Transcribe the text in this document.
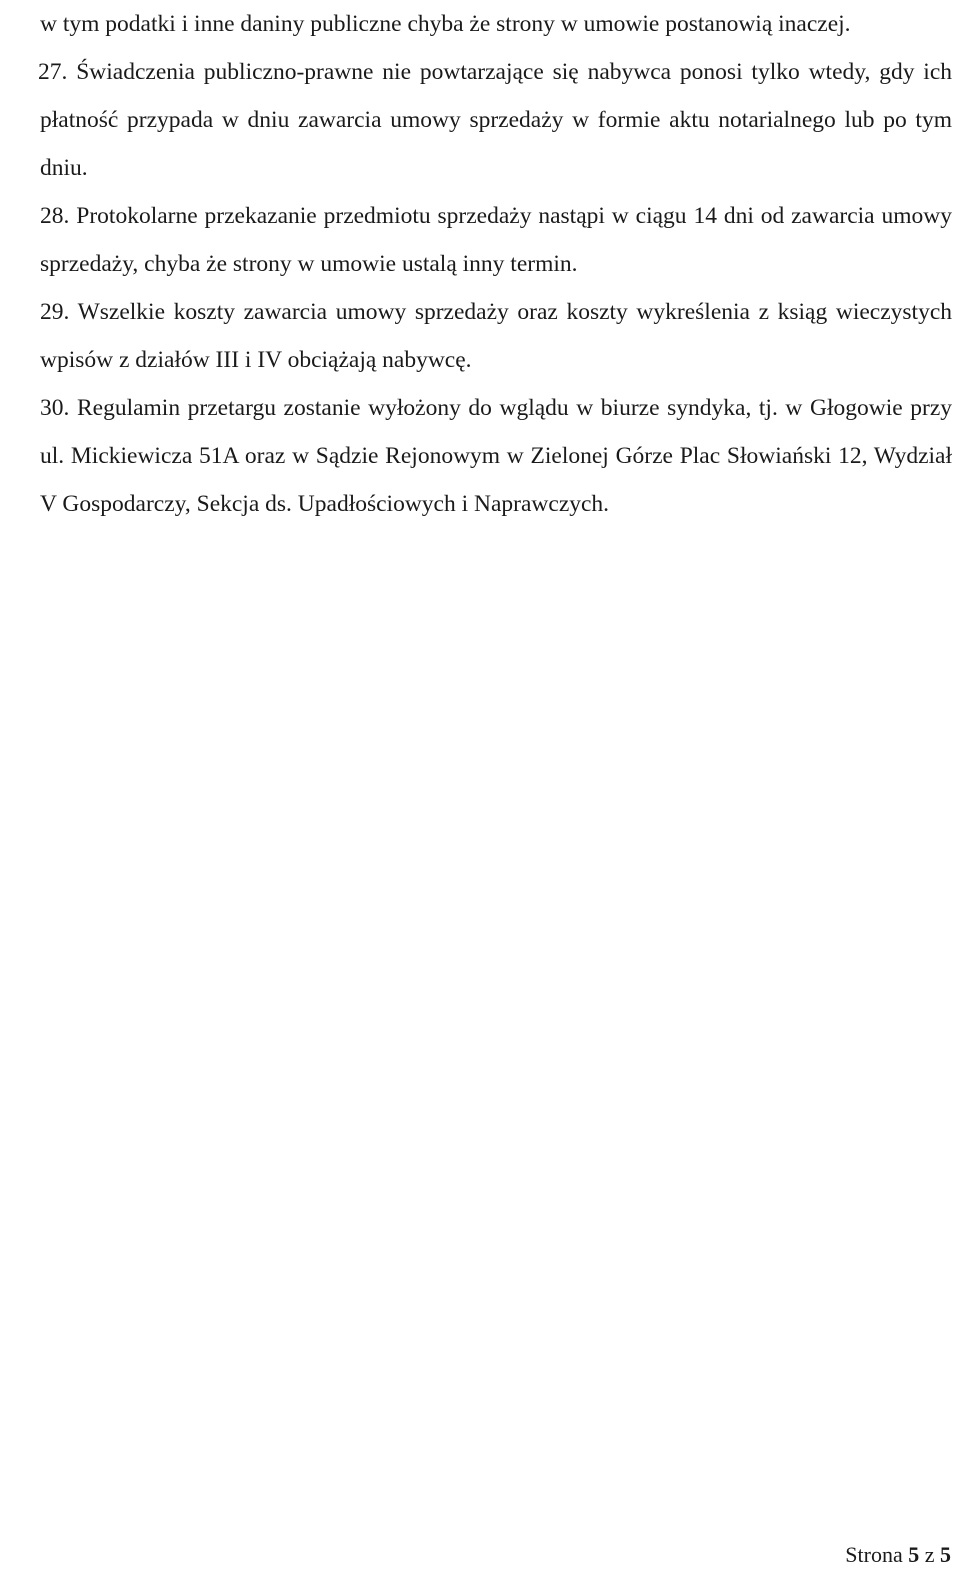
w tym podatki i inne daniny publiczne chyba że strony w umowie postanowią inaczej.

27. Świadczenia publiczno-prawne nie powtarzające się nabywca ponosi tylko wtedy, gdy ich płatność przypada w dniu zawarcia umowy sprzedaży w formie aktu notarialnego lub po tym dniu.

28. Protokolarne przekazanie przedmiotu sprzedaży nastąpi w ciągu 14 dni od zawarcia umowy sprzedaży, chyba że strony w umowie ustalą inny termin.

29. Wszelkie koszty zawarcia umowy sprzedaży oraz koszty wykreślenia z ksiąg wieczystych wpisów z działów III i IV obciążają nabywcę.

30. Regulamin przetargu zostanie wyłożony do wglądu w biurze syndyka, tj. w Głogowie przy ul. Mickiewicza 51A oraz w Sądzie Rejonowym w Zielonej Górze Plac Słowiański 12, Wydział V Gospodarczy, Sekcja ds. Upadłościowych i Naprawczych.

Strona 5 z 5
